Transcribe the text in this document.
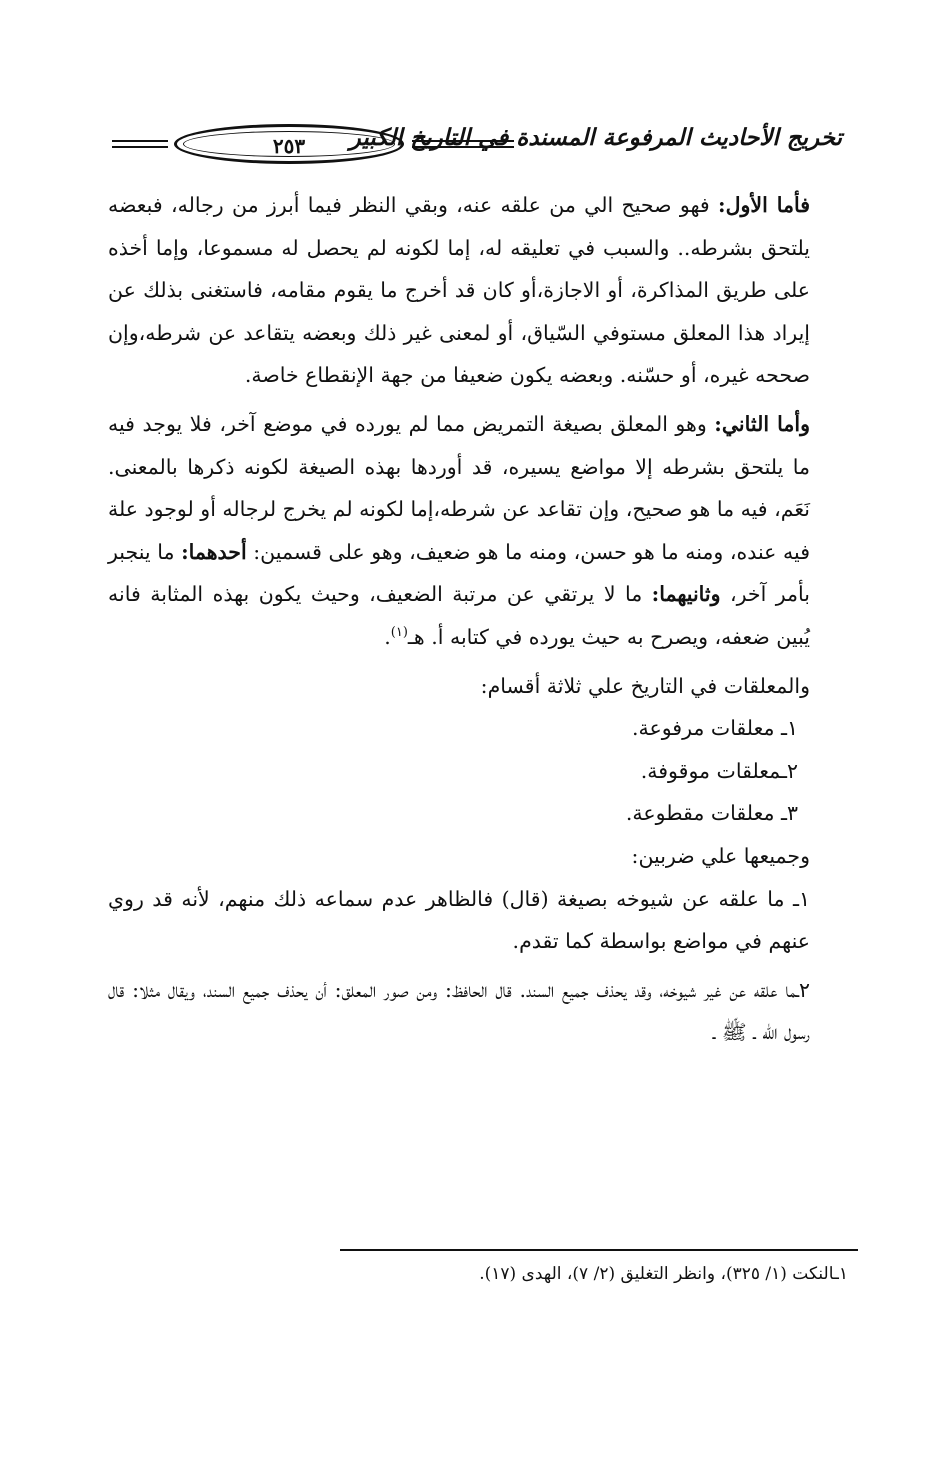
٢٥٣	تخريج الأحاديث المرفوعة المسندة في التاريخ الكبير

فأما الأول: فهو صحيح الي من علقه عنه، وبقي النظر فيما أبرز من رجاله، فبعضه يلتحق بشرطه.. والسبب في تعليقه له، إما لكونه لم يحصل له مسموعا، وإما أخذه على طريق المذاكرة، أو الاجازة،أو كان قد أخرج ما يقوم مقامه، فاستغنى بذلك عن إيراد هذا المعلق مستوفي السّياق، أو لمعنى غير ذلك وبعضه يتقاعد عن شرطه،وإن صححه غيره، أو حسّنه. وبعضه يكون ضعيفا من جهة الإنقطاع خاصة.

وأما الثاني: وهو المعلق بصيغة التمريض مما لم يورده في موضع آخر، فلا يوجد فيه ما يلتحق بشرطه إلا مواضع يسيره، قد أوردها بهذه الصيغة لكونه ذكرها بالمعنى. نَعَم، فيه ما هو صحيح، وإن تقاعد عن شرطه،إما لكونه لم يخرج لرجاله أو لوجود علة فيه عنده، ومنه ما هو حسن، ومنه ما هو ضعيف، وهو على قسمين: أحدهما: ما ينجبر بأمر آخر، وثانيهما: ما لا يرتقي عن مرتبة الضعيف، وحيث يكون بهذه المثابة فانه يُبين ضعفه، ويصرح به حيث يورده في كتابه أ. هـ$^{(١)}$.

والمعلقات في التاريخ علي ثلاثة أقسام:

١ـ معلقات مرفوعة.

٢ـمعلقات موقوفة.

٣ـ معلقات مقطوعة.

وجميعها علي ضربين:

١ـ ما علقه عن شيوخه بصيغة (قال) فالظاهر عدم سماعه ذلك منهم، لأنه قد روي عنهم في مواضع بواسطة كما تقدم.

٢ـما علقه عن غير شيوخه، وقد يحذف جميع السند. قال الحافظ: ومن صور المعلق: أن يحذف جميع السند، ويقال مثلا: قال رسول الله ـ ﷺ ـ

١ـالنكت (١/ ٣٢٥)، وانظر التغليق (٢/ ٧)، الهدى (١٧).
